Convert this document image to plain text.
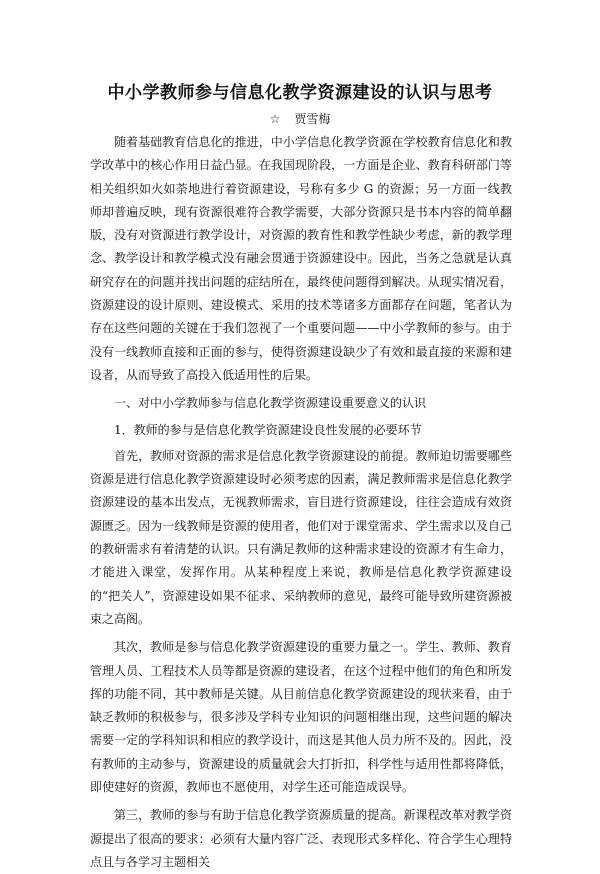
中小学教师参与信息化教学资源建设的认识与思考
☆ 贾雪梅

随着基础教育信息化的推进，中小学信息化教学资源在学校教育信息化和教学改革中的核心作用日益凸显。在我国现阶段，一方面是企业、教育科研部门等相关组织如火如荼地进行着资源建设，号称有多少 G 的资源；另一方面一线教师却普遍反映，现有资源很难符合教学需要，大部分资源只是书本内容的简单翻版，没有对资源进行教学设计，对资源的教育性和教学性缺少考虑，新的教学理念、教学设计和教学模式没有融会贯通于资源建设中。因此，当务之急就是认真研究存在的问题并找出问题的症结所在，最终使问题得到解决。从现实情况看，资源建设的设计原则、建设模式、采用的技术等诸多方面都存在问题，笔者认为存在这些问题的关键在于我们忽视了一个重要问题——中小学教师的参与。由于没有一线教师直接和正面的参与，使得资源建设缺少了有效和最直接的来源和建设者，从而导致了高投入低适用性的后果。

一、对中小学教师参与信息化教学资源建设重要意义的认识

1．教师的参与是信息化教学资源建设良性发展的必要环节

首先，教师对资源的需求是信息化教学资源建设的前提。教师迫切需要哪些资源是进行信息化教学资源建设时必须考虑的因素，满足教师需求是信息化教学资源建设的基本出发点，无视教师需求，盲目进行资源建设，往往会造成有效资源匮乏。因为一线教师是资源的使用者，他们对于课堂需求、学生需求以及自己的教研需求有着清楚的认识。只有满足教师的这种需求建设的资源才有生命力，才能进入课堂，发挥作用。从某种程度上来说，教师是信息化教学资源建设的“把关人”，资源建设如果不征求、采纳教师的意见，最终可能导致所建资源被束之高阁。

其次，教师是参与信息化教学资源建设的重要力量之一。学生、教师、教育管理人员、工程技术人员等都是资源的建设者，在这个过程中他们的角色和所发挥的功能不同，其中教师是关键。从目前信息化教学资源建设的现状来看，由于缺乏教师的积极参与，很多涉及学科专业知识的问题相继出现，这些问题的解决需要一定的学科知识和相应的教学设计，而这是其他人员力所不及的。因此，没有教师的主动参与，资源建设的质量就会大打折扣，科学性与适用性都将降低，即使建好的资源，教师也不愿使用，对学生还可能造成误导。

第三，教师的参与有助于信息化教学资源质量的提高。新课程改革对教学资源提出了很高的要求：必须有大量内容广泛、表现形式多样化、符合学生心理特点且与各学习主题相关
